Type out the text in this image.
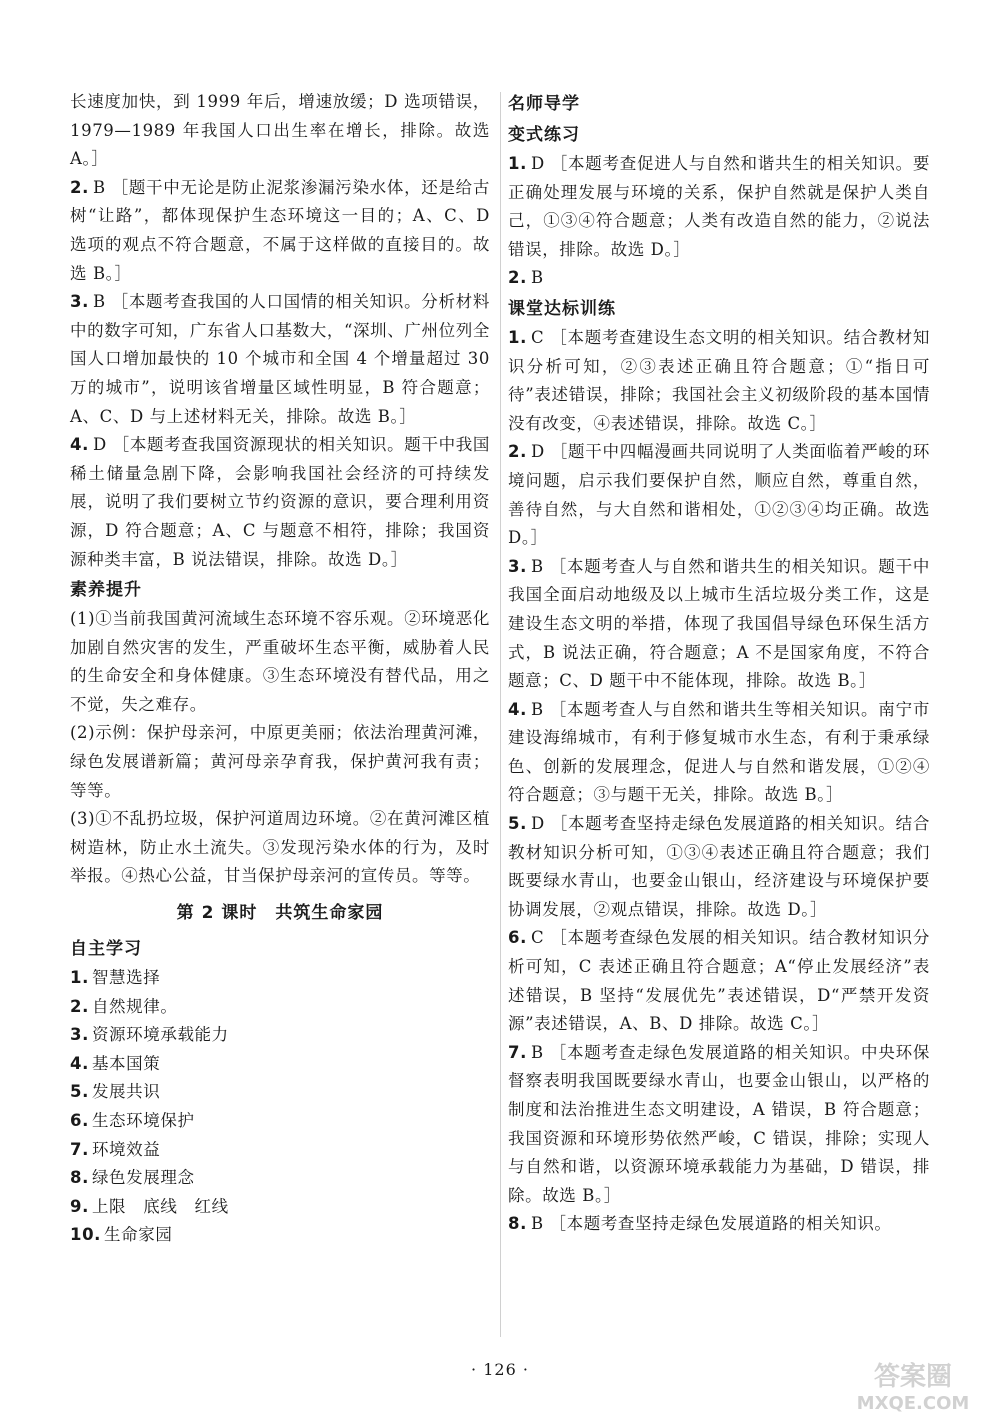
长速度加快，到 1999 年后，增速放缓；D 选项错误，1979—1989 年我国人口出生率在增长，排除。故选 A。］

2. B ［题干中无论是防止泥浆渗漏污染水体，还是给古树“让路”，都体现保护生态环境这一目的；A、C、D 选项的观点不符合题意，不属于这样做的直接目的。故选 B。］

3. B ［本题考查我国的人口国情的相关知识。分析材料中的数字可知，广东省人口基数大，“深圳、广州位列全国人口增加最快的 10 个城市和全国 4 个增量超过 30 万的城市”，说明该省增量区域性明显，B 符合题意；A、C、D 与上述材料无关，排除。故选 B。］

4. D ［本题考查我国资源现状的相关知识。题干中我国稀土储量急剧下降，会影响我国社会经济的可持续发展，说明了我们要树立节约资源的意识，要合理利用资源，D 符合题意；A、C 与题意不相符，排除；我国资源种类丰富，B 说法错误，排除。故选 D。］

素养提升

(1)①当前我国黄河流域生态环境不容乐观。②环境恶化加剧自然灾害的发生，严重破坏生态平衡，威胁着人民的生命安全和身体健康。③生态环境没有替代品，用之不觉，失之难存。

(2)示例：保护母亲河，中原更美丽；依法治理黄河滩，绿色发展谱新篇；黄河母亲孕育我，保护黄河我有责；等等。

(3)①不乱扔垃圾，保护河道周边环境。②在黄河滩区植树造林，防止水土流失。③发现污染水体的行为，及时举报。④热心公益，甘当保护母亲河的宣传员。等等。

第 2 课时　共筑生命家园
自主学习

1. 智慧选择

2. 自然规律。

3. 资源环境承载能力

4. 基本国策

5. 发展共识

6. 生态环境保护

7. 环境效益

8. 绿色发展理念

9. 上限　底线　红线

10. 生命家园

名师导学
变式练习

1. D ［本题考查促进人与自然和谐共生的相关知识。要正确处理发展与环境的关系，保护自然就是保护人类自己，①③④符合题意；人类有改造自然的能力，②说法错误，排除。故选 D。］

2. B

课堂达标训练

1. C ［本题考查建设生态文明的相关知识。结合教材知识分析可知，②③表述正确且符合题意；①“指日可待”表述错误，排除；我国社会主义初级阶段的基本国情没有改变，④表述错误，排除。故选 C。］

2. D ［题干中四幅漫画共同说明了人类面临着严峻的环境问题，启示我们要保护自然，顺应自然，尊重自然，善待自然，与大自然和谐相处，①②③④均正确。故选 D。］

3. B ［本题考查人与自然和谐共生的相关知识。题干中我国全面启动地级及以上城市生活垃圾分类工作，这是建设生态文明的举措，体现了我国倡导绿色环保生活方式，B 说法正确，符合题意；A 不是国家角度，不符合题意；C、D 题干中不能体现，排除。故选 B。］

4. B ［本题考查人与自然和谐共生等相关知识。南宁市建设海绵城市，有利于修复城市水生态，有利于秉承绿色、创新的发展理念，促进人与自然和谐发展，①②④符合题意；③与题干无关，排除。故选 B。］

5. D ［本题考查坚持走绿色发展道路的相关知识。结合教材知识分析可知，①③④表述正确且符合题意；我们既要绿水青山，也要金山银山，经济建设与环境保护要协调发展，②观点错误，排除。故选 D。］

6. C ［本题考查绿色发展的相关知识。结合教材知识分析可知，C 表述正确且符合题意；A“停止发展经济”表述错误，B 坚持“发展优先”表述错误，D“严禁开发资源”表述错误，A、B、D 排除。故选 C。］

7. B ［本题考查走绿色发展道路的相关知识。中央环保督察表明我国既要绿水青山，也要金山银山，以严格的制度和法治推进生态文明建设，A 错误，B 符合题意；我国资源和环境形势依然严峻，C 错误，排除；实现人与自然和谐，以资源环境承载能力为基础，D 错误，排除。故选 B。］

8. B ［本题考查坚持走绿色发展道路的相关知识。

· 126 ·	答案圈
MXQE.COM
